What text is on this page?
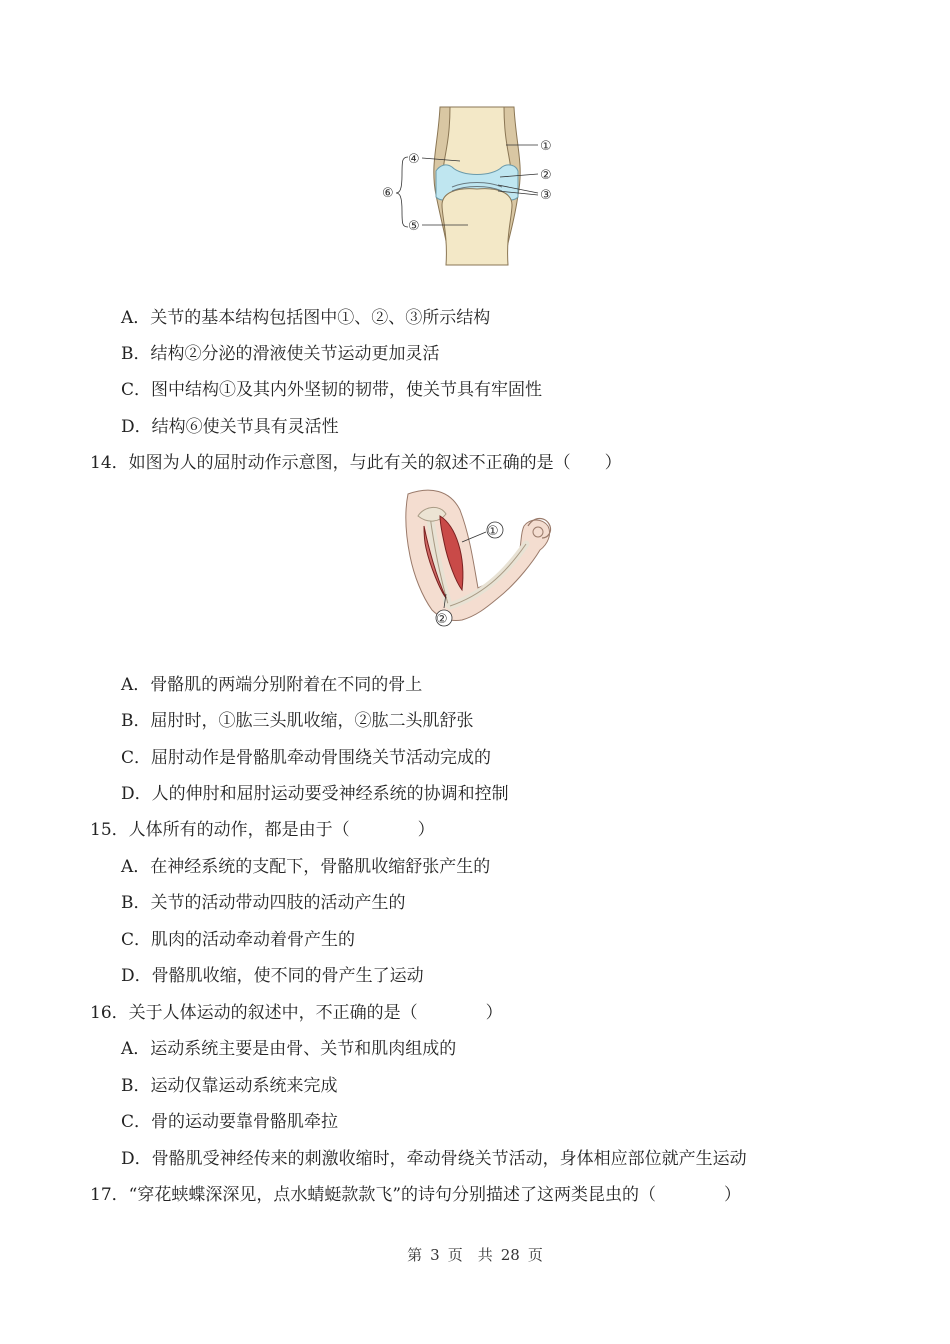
①
②
③
④
⑤
⑥
A．关节的基本结构包括图中①、②、③所示结构
B．结构②分泌的滑液使关节运动更加灵活
C．图中结构①及其内外坚韧的韧带，使关节具有牢固性
D．结构⑥使关节具有灵活性
14．如图为人的屈肘动作示意图，与此有关的叙述不正确的是（　　）
①
②
A．骨骼肌的两端分别附着在不同的骨上
B．屈肘时，①肱三头肌收缩，②肱二头肌舒张
C．屈肘动作是骨骼肌牵动骨围绕关节活动完成的
D．人的伸肘和屈肘运动要受神经系统的协调和控制
15．人体所有的动作，都是由于（　　　　）
A．在神经系统的支配下，骨骼肌收缩舒张产生的
B．关节的活动带动四肢的活动产生的
C．肌肉的活动牵动着骨产生的
D．骨骼肌收缩，使不同的骨产生了运动
16．关于人体运动的叙述中，不正确的是（　　　　）
A．运动系统主要是由骨、关节和肌肉组成的
B．运动仅靠运动系统来完成
C．骨的运动要靠骨骼肌牵拉
D．骨骼肌受神经传来的刺激收缩时，牵动骨绕关节活动，身体相应部位就产生运动
17．“穿花蛱蝶深深见，点水蜻蜓款款飞”的诗句分别描述了这两类昆虫的（　　　　）
第 3 页　共 28 页
